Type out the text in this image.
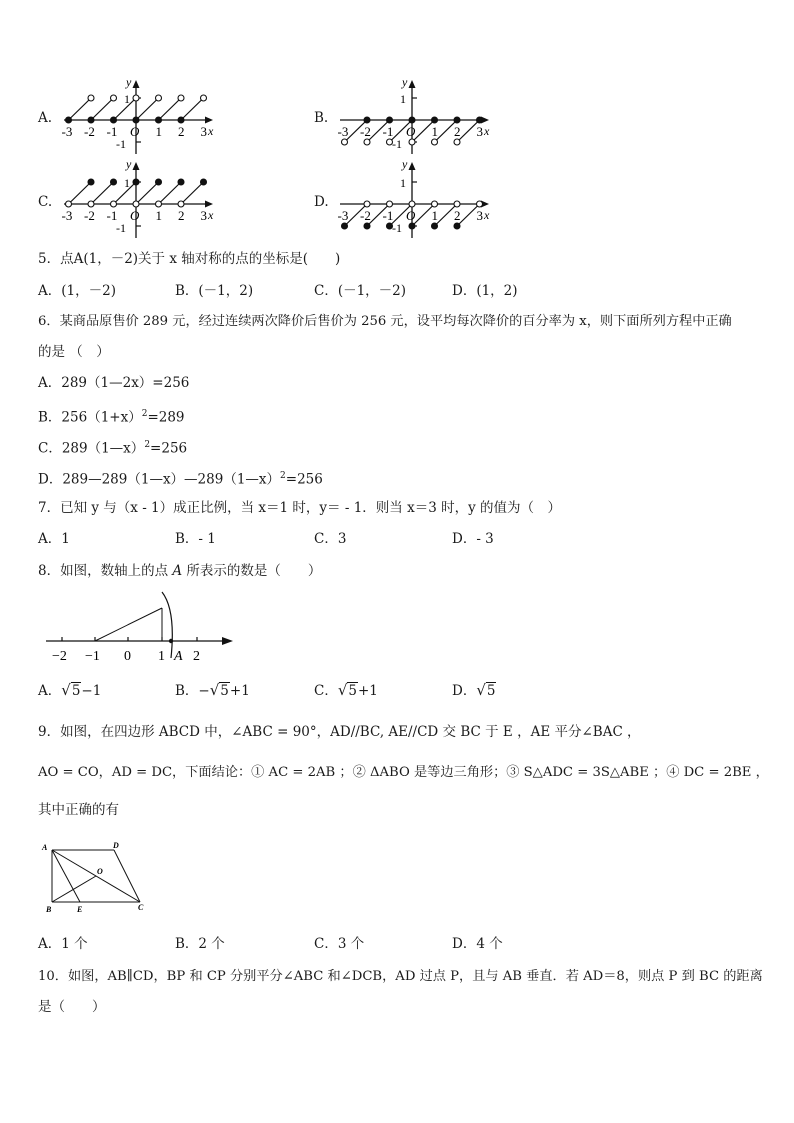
A.	B.
C.	D.
-3 -2 -1	1 2 3
O	x
y
1
-1
-3 -2 -1	1 2 3
O	x
y
1
-1
-3 -2 -1	1 2 3
O	x
y
1
-1
-3 -2 -1	1 2 3
O	x
y
1
-1
5．点A(1，－2)关于 x 轴对称的点的坐标是(　　)
A．(1，－2)	B．(－1，2)	C．(－1，－2)	D．(1，2)
6．某商品原售价 289 元，经过连续两次降价后售价为 256 元，设平均每次降价的百分率为 x，则下面所列方程中正确
的是 （　）
A．289（1—2x）=256
B．$256(1+x)^2=289$
C．289（1—x）$^2$=256
D．289—289（1—x）—289（1—x）$^2$=256
7．已知 y 与（x - 1）成正比例，当 x＝1 时，y＝ - 1．则当 x＝3 时，y 的值为（　）
A．1	B．- 1	C．3	D．- 3
8．如图，数轴上的点 A 所表示的数是（　　）
−2 −1 0 1 A 2
A．√5−1	B．−√5+1	C．√5+1	D．√5
9．如图，在四边形 ABCD 中，∠ABC = 90°，AD//BC, AE//CD 交 BC 于 E ，AE 平分∠BAC ，
AO = CO，AD = DC，下面结论：① AC = 2AB ；② ΔABO 是等边三角形；③ S△ADC = 3S△ABE ；④ DC = 2BE ，
其中正确的有
A	D
O
B	E	C
A．1 个	B．2 个	C．3 个	D．4 个
10．如图，AB∥CD，BP 和 CP 分别平分∠ABC 和∠DCB，AD 过点 P，且与 AB 垂直．若 AD＝8，则点 P 到 BC 的距离
是（　　）
